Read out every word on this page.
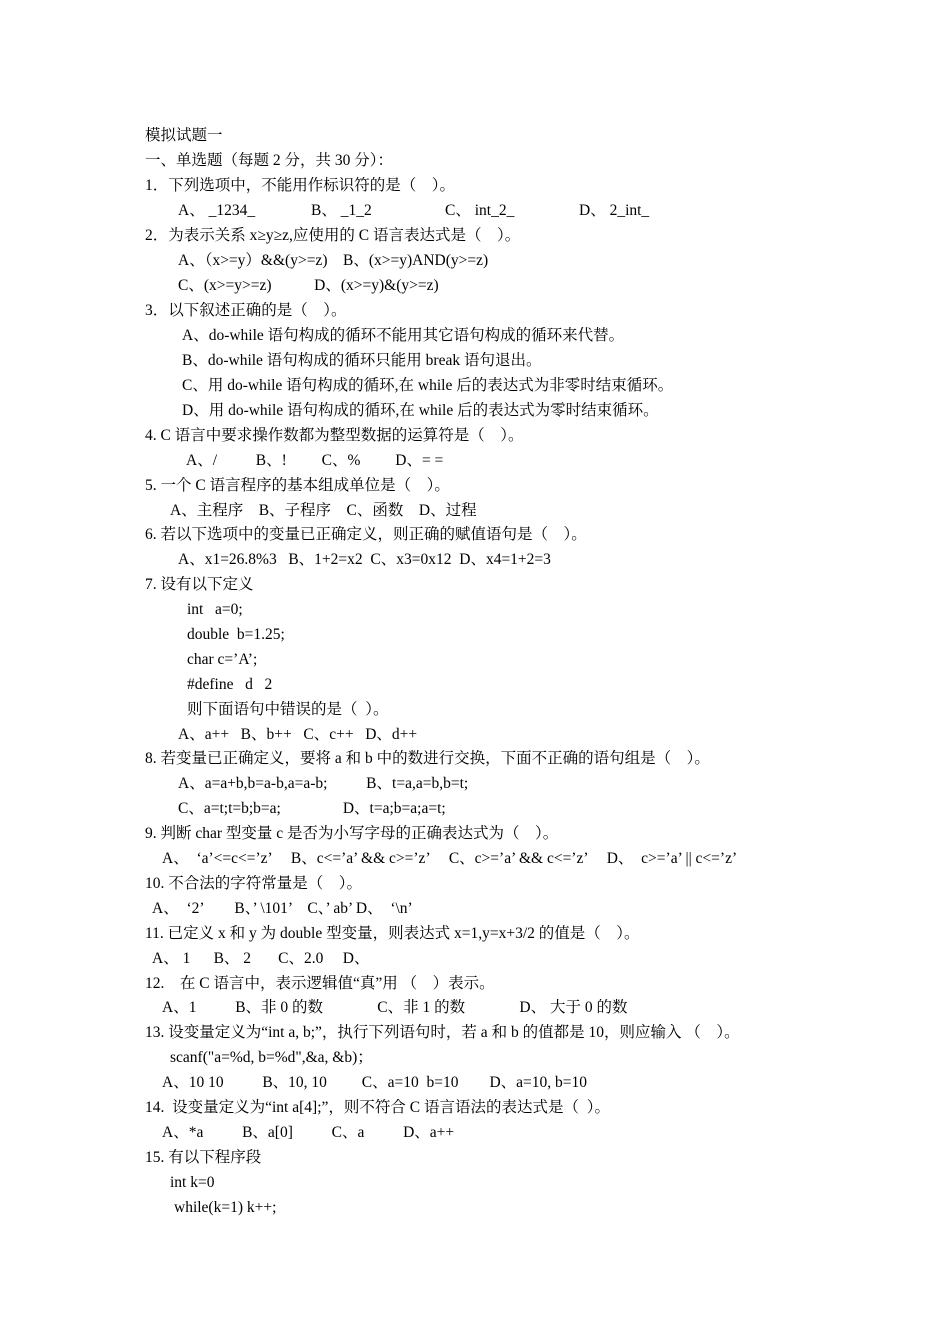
模拟试题一
一、单选题（每题 2 分，共 30 分）：
1．下列选项中，不能用作标识符的是（    ）。
A、 _1234_	B、 _1_2	C、 int_2_	D、 2_int_
2．为表示关系 x≥y≥z,应使用的 C 语言表达式是（    ）。
A、（x>=y）&&(y>=z)    B、(x>=y)AND(y>=z)
C、(x>=y>=z)           D、(x>=y)&(y>=z)
3．以下叙述正确的是（    ）。
A、do-while 语句构成的循环不能用其它语句构成的循环来代替。
B、do-while 语句构成的循环只能用 break 语句退出。
C、用 do-while 语句构成的循环,在 while 后的表达式为非零时结束循环。
D、用 do-while 语句构成的循环,在 while 后的表达式为零时结束循环。
4. C 语言中要求操作数都为整型数据的运算符是（    ）。
A、/          B、!         C、%         D、= =
5. 一个 C 语言程序的基本组成单位是（    ）。
A、主程序    B、子程序    C、函数    D、过程
6. 若以下选项中的变量已正确定义，则正确的赋值语句是（    ）。
A、x1=26.8%3   B、1+2=x2  C、x3=0x12  D、x4=1+2=3
7. 设有以下定义
int   a=0;
double  b=1.25;
char c=’A’;
#define   d   2
则下面语句中错误的是（  ）。
A、a++   B、b++   C、c++   D、d++
8. 若变量已正确定义，要将 a 和 b 中的数进行交换，下面不正确的语句组是（    ）。
A、a=a+b,b=a-b,a=a-b;          B、t=a,a=b,b=t;
C、a=t;t=b;b=a;                D、t=a;b=a;a=t;
9. 判断 char 型变量 c 是否为小写字母的正确表达式为（    ）。
A、  ‘a’<=c<=’z’     B、c<=’a’ && c>=’z’     C、c>=’a’ && c<=’z’     D、  c>=’a’ || c<=’z’
10. 不合法的字符常量是（    ）。
A、  ‘2’        B、’ \101’    C、’ ab’ D、  ‘\n’
11. 已定义 x 和 y 为 double 型变量，则表达式 x=1,y=x+3/2 的值是（    ）。
A、 1      B、 2       C、2.0     D、
12.    在 C 语言中，表示逻辑值“真”用 （    ）表示。
A、1          B、非 0 的数              C、非 1 的数              D、 大于 0 的数
13. 设变量定义为“int a, b;”，执行下列语句时，若 a 和 b 的值都是 10，则应输入 （    ）。
scanf("a=%d, b=%d",&a, &b)；
A、10 10          B、10, 10         C、a=10  b=10        D、a=10, b=10
14.  设变量定义为“int a[4];”，则不符合 C 语言语法的表达式是（  ）。
A、*a          B、a[0]          C、a          D、a++
15. 有以下程序段
int k=0
while(k=1) k++;
